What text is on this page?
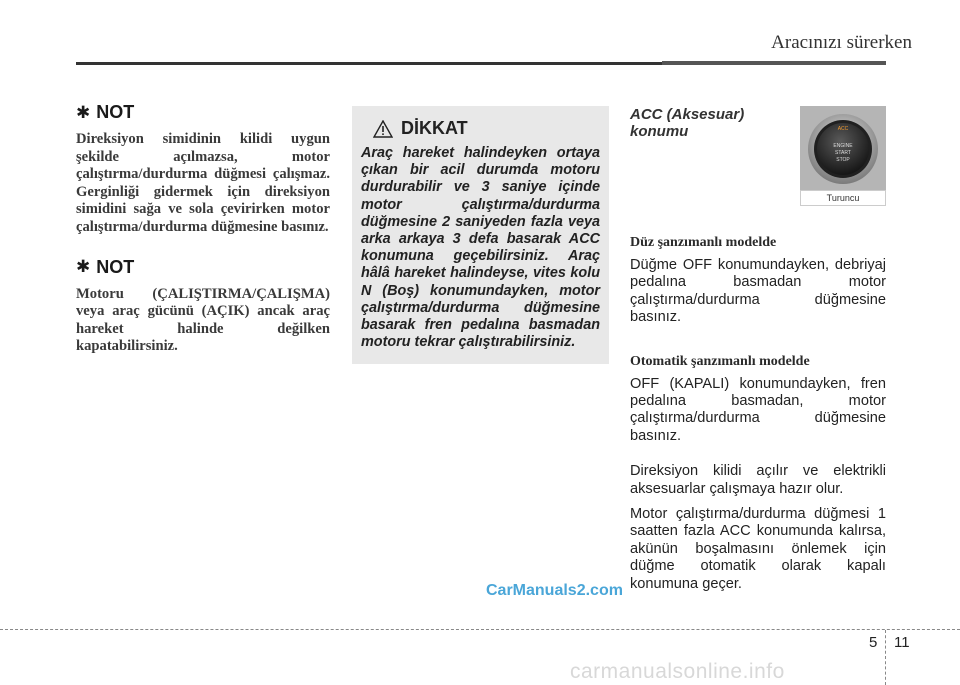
Aracınızı sürerken
✱ NOT

Direksiyon simidinin kilidi uygun şekilde açılmazsa, motor çalıştırma/durdurma düğmesi çalışmaz. Gerginliği gidermek için direksiyon simidini sağa ve sola çevirirken motor çalıştırma/durdurma düğmesine basınız.

✱ NOT

Motoru (ÇALIŞTIRMA/ÇALIŞMA) veya araç gücünü (AÇIK) ancak araç hareket halinde değilken kapatabilirsiniz.

DİKKAT

Araç hareket halindeyken ortaya çıkan bir acil durumda motoru durdurabilir ve 3 saniye içinde motor çalıştırma/durdurma düğmesine 2 saniyeden fazla veya arka arkaya 3 defa basarak ACC konumuna geçebilirsiniz. Araç hâlâ hareket halindeyse, vites kolu N (Boş) konumundayken, motor çalıştırma/durdurma düğmesine basarak fren pedalına basmadan motoru tekrar çalıştırabilirsiniz.

ACC
ENGINE
START
STOP
Turuncu

ACC (Aksesuar) konumu

Düz şanzımanlı modelde

Düğme OFF konumundayken, debriyaj pedalına basmadan motor çalıştırma/durdurma düğmesine basınız.

Otomatik şanzımanlı modelde

OFF (KAPALI) konumundayken, fren pedalına basmadan, motor çalıştırma/durdurma düğmesine basınız.

Direksiyon kilidi açılır ve elektrikli aksesuarlar çalışmaya hazır olur.

Motor çalıştırma/durdurma düğmesi 1 saatten fazla ACC konumunda kalırsa, akünün boşalmasını önlemek için düğme otomatik olarak kapalı konumuna geçer.

CarManuals2.com
5 11
carmanualsonline.info
